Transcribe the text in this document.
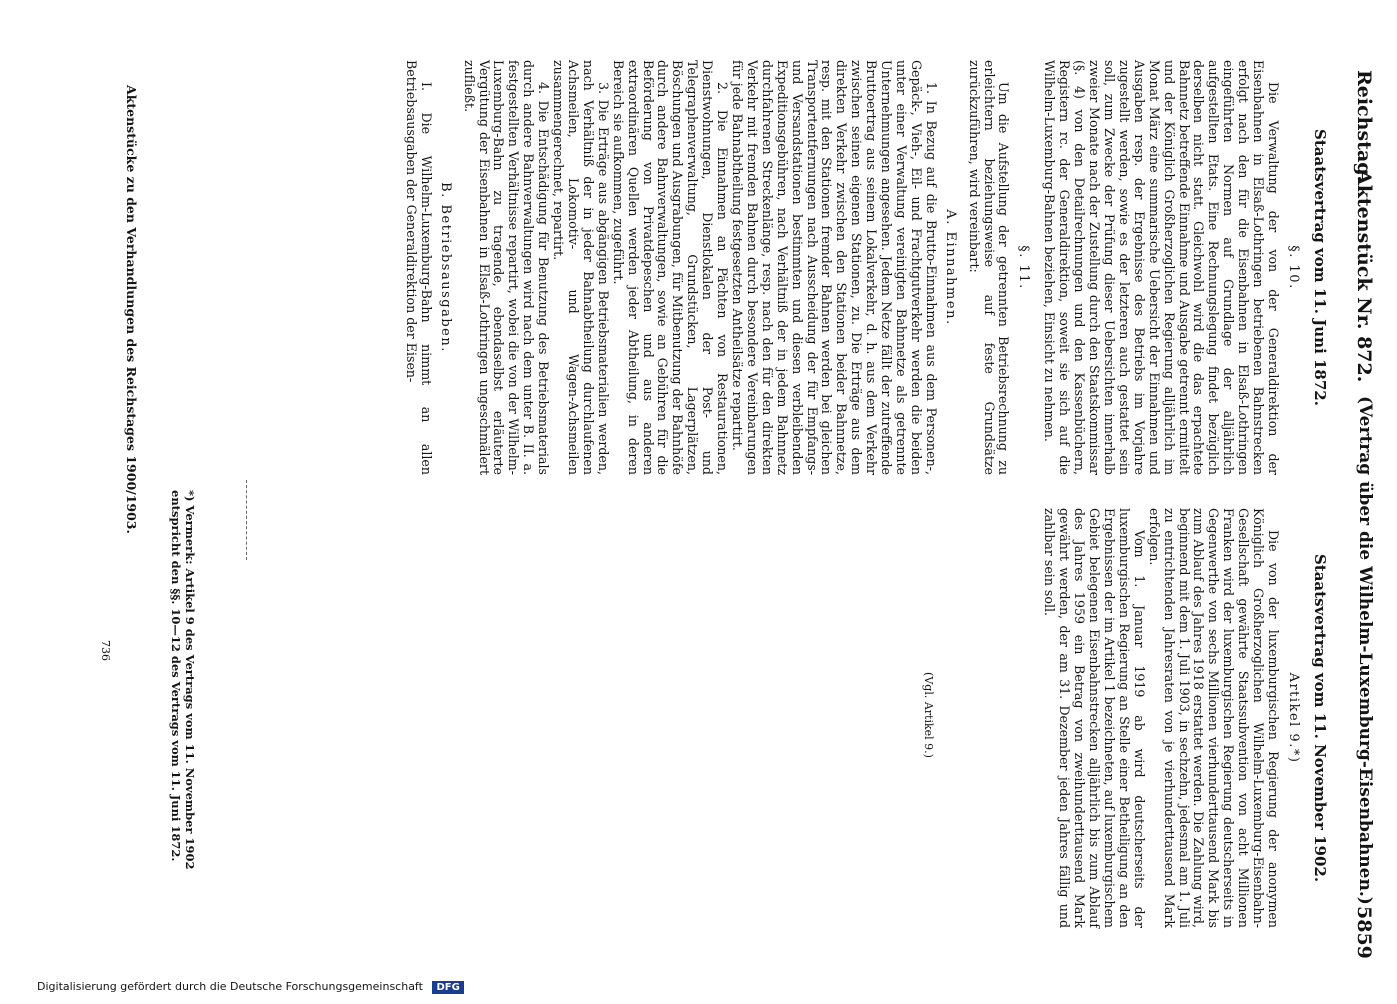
Reichstag.
Aktenstück Nr. 872.
(Vertrag über die Wilhelm-Luxemburg-Eisenbahnen.)
5859
Staatsvertrag vom 11. Juni 1872.
§. 10.

Die Verwaltung der von der Generaldirektion der Eisenbahnen in Elsaß-Lothringen betriebenen Bahnstrecken erfolgt nach den für die Eisenbahnen in Elsaß-Lothringen eingeführten Normen auf Grundlage der alljährlich aufgestellten Etats. Eine Rechnungslegung findet bezüglich derselben nicht statt. Gleichwohl wird die das erpachtete Bahnnetz betreffende Einnahme und Ausgabe getrennt ermittelt und der Königlich Großherzoglichen Regierung alljährlich im Monat März eine summarische Uebersicht der Einnahmen und Ausgaben resp. der Ergebnisse des Betriebs im Vorjahre zugestellt werden, sowie es der letzteren auch gestattet sein soll, zum Zwecke der Prüfung dieser Uebersichten innerhalb zweier Monate nach der Zustellung durch den Staatskommissar (§. 4) von den Detailrechnungen und den Kassenbüchern, Registern rc. der Generaldirektion, soweit sie sich auf die Wilhelm-Luxemburg-Bahnen beziehen, Einsicht zu nehmen.

§. 11.

Um die Aufstellung der getrennten Betriebsrechnung zu erleichtern beziehungsweise auf feste Grundsätze zurückzuführen, wird vereinbart:

A. Einnahmen.

1. In Bezug auf die Brutto-Einnahmen aus dem Personen-, Gepäck-, Vieh-, Eil- und Frachtgutverkehr werden die beiden unter einer Verwaltung vereinigten Bahnnetze als getrennte Unternehmungen angesehen. Jedem Netze fällt der zutreffende Bruttoertrag aus seinem Lokalverkehr, d. h. aus dem Verkehr zwischen seinen eigenen Stationen, zu. Die Erträge aus dem direkten Verkehr zwischen den Stationen beider Bahnnetze, resp. mit den Stationen fremder Bahnen werden bei gleichen Transportentfernungen nach Ausscheidung der für Empfangs- und Versandstationen bestimmten und diesen verbleibenden Expeditionsgebühren, nach Verhältniß der in jedem Bahnnetz durchfahrenen Streckenlänge, resp. nach den für den direkten Verkehr mit fremden Bahnen durch besondere Vereinbarungen für jede Bahnabtheilung festgesetzten Antheilsätze repartirt.

2. Die Einnahmen an Pächten von Restaurationen, Dienstwohnungen, Dienstlokalen der Post- und Telegraphenverwaltung, Grundstücken, Lagerplätzen, Böschungen und Ausgrabungen, für Mitbenutzung der Bahnhöfe durch andere Bahnverwaltungen, sowie an Gebühren für die Beförderung von Privatdepeschen und aus anderen extraordinären Quellen werden jeder Abtheilung, in deren Bereich sie aufkommen, zugeführt.

3. Die Erträge aus abgängigen Betriebsmaterialien werden, nach Verhältniß der in jeder Bahnabtheilung durchlaufenen Achsmeilen, Lokomotiv- und Wagen-Achsmeilen zusammengerechnet, repartirt.

4. Die Entschädigung für Benutzung des Betriebsmaterials durch andere Bahnverwaltungen wird nach dem unter B. II. a. festgestellten Verhältnisse repartirt, wobei die von der Wilhelm-Luxemburg-Bahn zu tragende, ebendaselbst erläuterte Vergütung der Eisenbahnen in Elsaß-Lothringen ungeschmälert zufließt.

B. Betriebsausgaben.

I. Die Wilhelm-Luxemburg-Bahn nimmt an allen Betriebsausgaben der Generaldirektion der Eisen-

Aktenstücke zu den Verhandlungen des Reichstages 1900/1903.
Staatsvertrag vom 11. November 1902.
Artikel 9.*)

Die von der luxemburgischen Regierung der anonymen Königlich Großherzoglichen Wilhelm-Luxemburg-Eisenbahn-Gesellschaft gewährte Staatssubvention von acht Millionen Franken wird der luxemburgischen Regierung deutscherseits in Gegenwerthe von sechs Millionen vierhunderttausend Mark bis zum Ablauf des Jahres 1918 erstattet werden. Die Zahlung wird, beginnend mit dem 1. Juli 1903, in sechzehn, jedesmal am 1. Juli zu entrichtenden Jahresraten von je vierhunderttausend Mark erfolgen.

Vom 1. Januar 1919 ab wird deutscherseits der luxemburgischen Regierung an Stelle einer Betheiligung an den Ergebnissen der im Artikel 1 bezeichneten, auf luxemburgischem Gebiet belegenen Eisenbahnstrecken alljährlich bis zum Ablauf des Jahres 1959 ein Betrag von zweihunderttausend Mark gewährt werden, der am 31. Dezember jeden Jahres fällig und zahlbar sein soll.

(Vgl. Artikel 9.)
*) Vermerk: Artikel 9 des Vertrags vom 11. November 1902
entspricht den §§. 10—12 des Vertrags vom 11. Juni 1872.
736
Digitalisierung gefördert durch die Deutsche Forschungsgemeinschaft DFG
